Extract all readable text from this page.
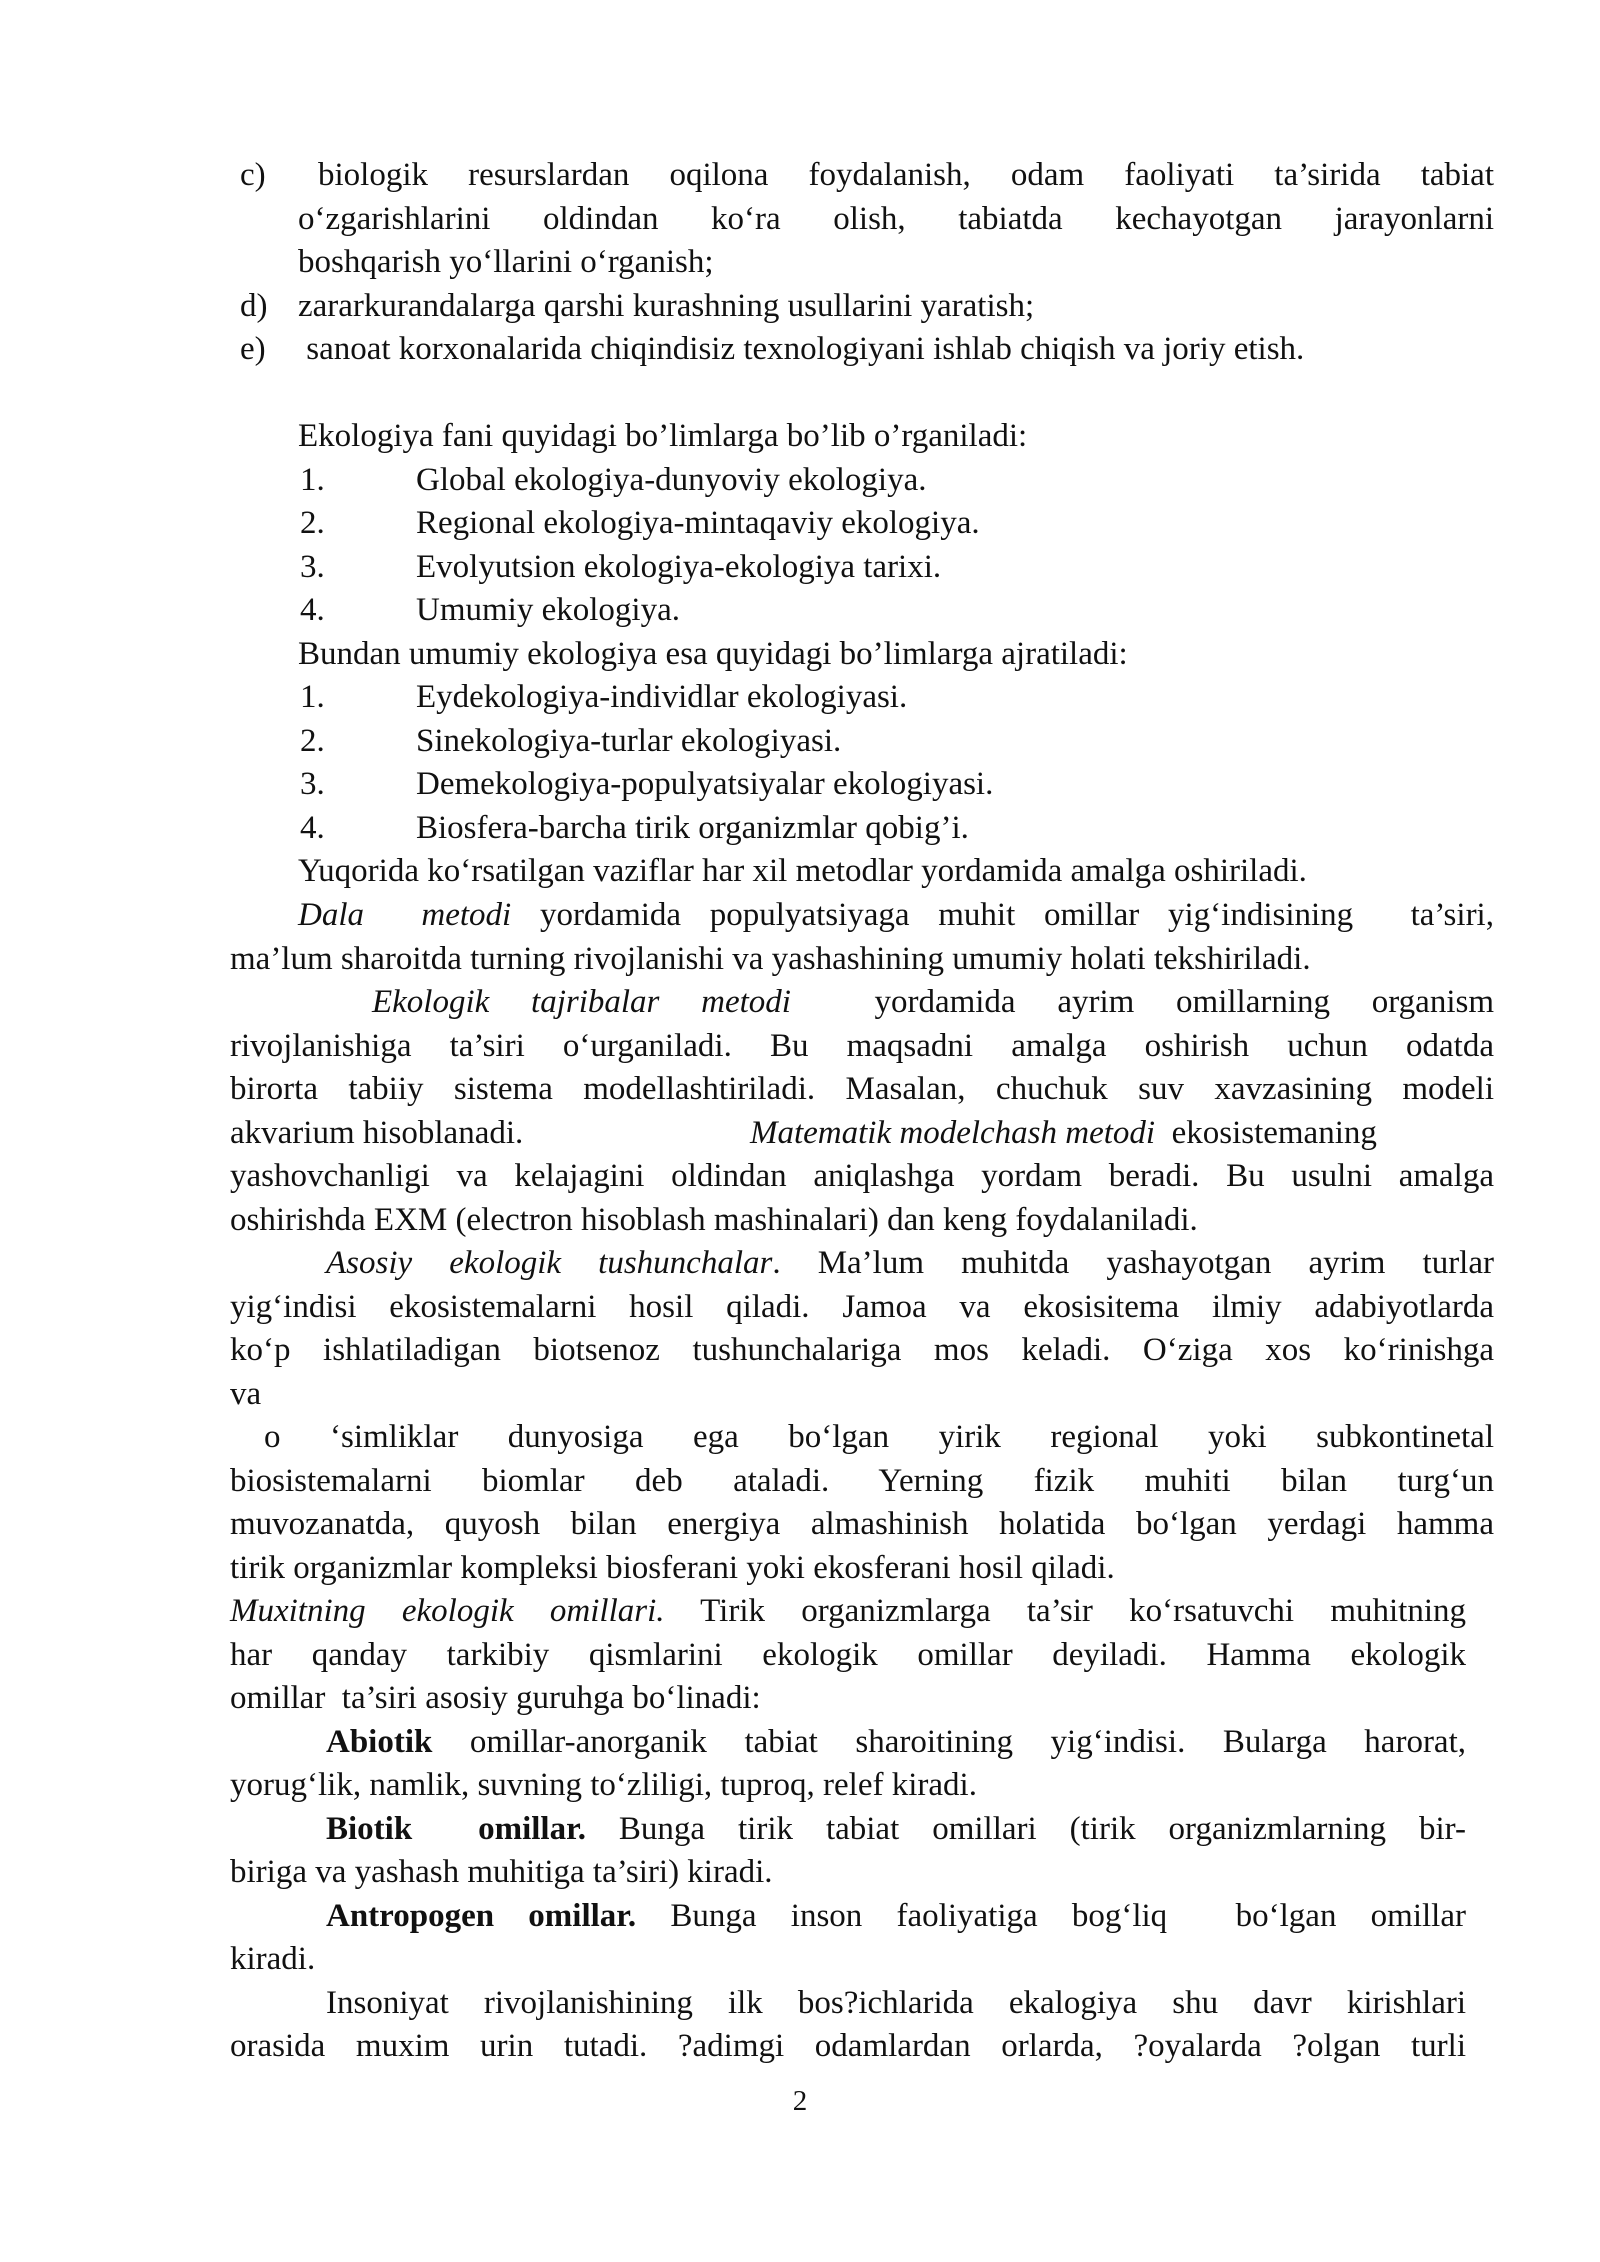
c)	biologik resurslardan oqilona foydalanish, odam faoliyati ta’sirida tabiat
o‘zgarishlarini oldindan ko‘ra olish, tabiatda kechayotgan jarayonlarni
boshqarish yo‘llarini o‘rganish;
d) zararkurandalarga qarshi kurashning usullarini yaratish;
e) sanoat korxonalarida chiqindisiz texnologiyani ishlab chiqish va joriy etish.
Ekologiya fani quyidagi bo’limlarga bo’lib o’rganiladi:
1.	Global ekologiya-dunyoviy ekologiya.
2.	Regional ekologiya-mintaqaviy ekologiya.
3.	Evolyutsion ekologiya-ekologiya tarixi.
4.	Umumiy ekologiya.
Bundan umumiy ekologiya esa quyidagi bo’limlarga ajratiladi:
1.	Eydekologiya-individlar ekologiyasi.
2.	Sinekologiya-turlar ekologiyasi.
3.	Demekologiya-populyatsiyalar ekologiyasi.
4.	Biosfera-barcha tirik organizmlar qobig’i.
Yuqorida ko‘rsatilgan vaziflar har xil metodlar yordamida amalga oshiriladi.
Dala  metodi yordamida populyatsiyaga muhit omillar yig‘indisining  ta’siri,
ma’lum sharoitda turning rivojlanishi va yashashining umumiy holati tekshiriladi.
Ekologik tajribalar metodi  yordamida ayrim omillarning organism
rivojlanishiga ta’siri o‘urganiladi. Bu maqsadni amalga oshirish uchun odatda
birorta tabiiy sistema modellashtiriladi. Masalan, chuchuk suv xavzasining modeli
akvarium hisoblanadi.	Matematik modelchash metodi  ekosistemaning
yashovchanligi va kelajagini oldindan aniqlashga yordam beradi. Bu usulni amalga
oshirishda EXM (electron hisoblash mashinalari) dan keng foydalaniladi.
Asosiy ekologik tushunchalar. Ma’lum muhitda yashayotgan ayrim turlar
yig‘indisi ekosistemalarni hosil qiladi. Jamoa va ekosisitema ilmiy adabiyotlarda
ko‘p ishlatiladigan biotsenoz tushunchalariga mos keladi. O‘ziga xos ko‘rinishga
va
o  ‘simliklar  dunyosiga  ega  bo‘lgan  yirik  regional  yoki  subkontinetal
biosistemalarni  biomlar  deb  ataladi.  Yerning  fizik  muhiti  bilan  turg‘un
muvozanatda, quyosh bilan energiya almashinish holatida bo‘lgan yerdagi hamma
tirik organizmlar kompleksi biosferani yoki ekosferani hosil qiladi.
Muxitning ekologik omillari. Tirik organizmlarga ta’sir ko‘rsatuvchi muhitning
har qanday tarkibiy qismlarini ekologik omillar deyiladi. Hamma ekologik
omillar  ta’siri asosiy guruhga bo‘linadi:
Abiotik omillar-anorganik tabiat sharoitining yig‘indisi. Bularga harorat,
yorug‘lik, namlik, suvning to‘zliligi, tuproq, relef kiradi.
Biotik  omillar. Bunga tirik tabiat omillari (tirik organizmlarning bir-
biriga va yashash muhitiga ta’siri) kiradi.
Antropogen omillar. Bunga inson faoliyatiga bog‘liq  bo‘lgan omillar
kiradi.
Insoniyat rivojlanishining ilk bos?ichlarida ekalogiya shu davr kirishlari
orasida muxim urin tutadi. ?adimgi odamlardan orlarda, ?oyalarda ?olgan turli
2
